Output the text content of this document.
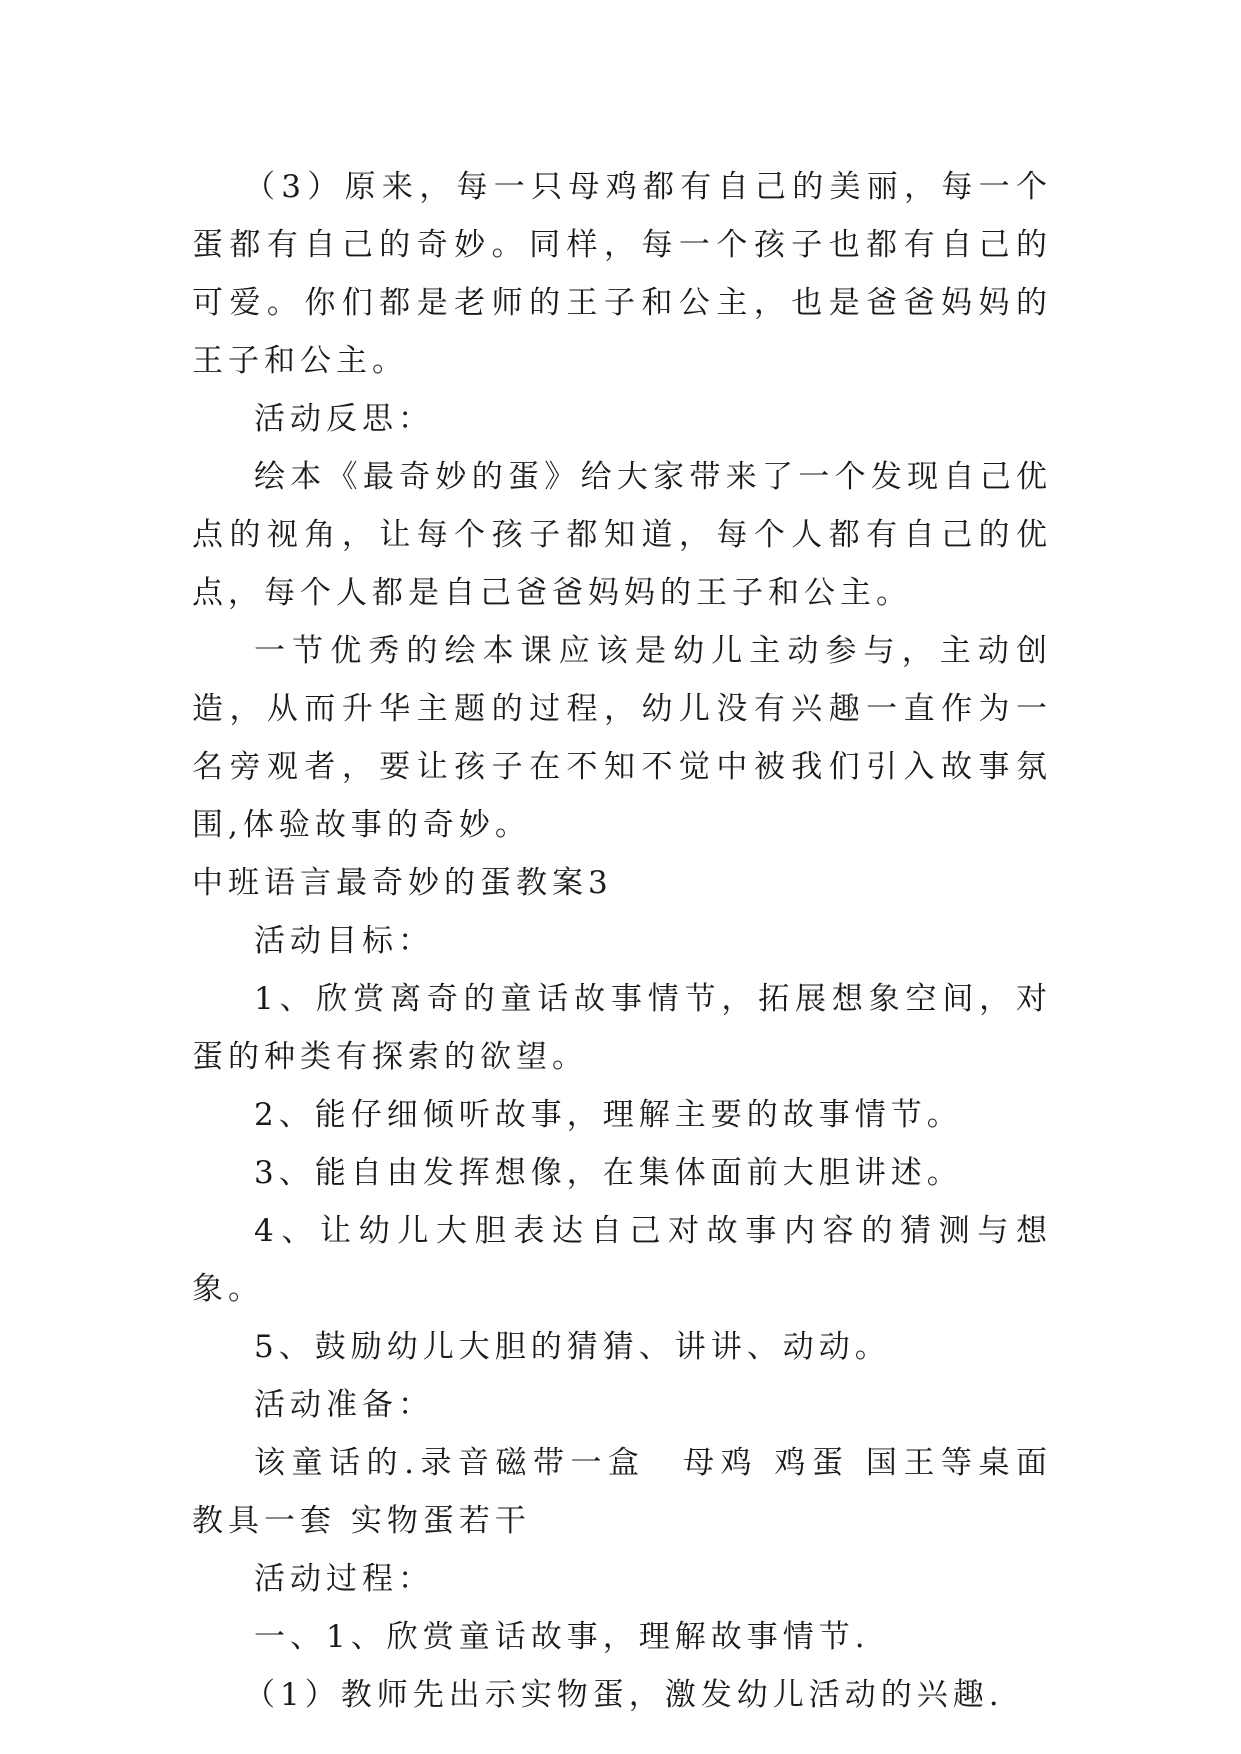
（3）原来，每一只母鸡都有自己的美丽，每一个蛋都有自己的奇妙。同样，每一个孩子也都有自己的可爱。你们都是老师的王子和公主，也是爸爸妈妈的王子和公主。

活动反思：

绘本《最奇妙的蛋》给大家带来了一个发现自己优点的视角，让每个孩子都知道，每个人都有自己的优点，每个人都是自己爸爸妈妈的王子和公主。

一节优秀的绘本课应该是幼儿主动参与，主动创造，从而升华主题的过程，幼儿没有兴趣一直作为一名旁观者，要让孩子在不知不觉中被我们引入故事氛围,体验故事的奇妙。

中班语言最奇妙的蛋教案3

活动目标：

1、欣赏离奇的童话故事情节，拓展想象空间，对蛋的种类有探索的欲望。

2、能仔细倾听故事，理解主要的故事情节。

3、能自由发挥想像，在集体面前大胆讲述。

4、让幼儿大胆表达自己对故事内容的猜测与想象。

5、鼓励幼儿大胆的猜猜、讲讲、动动。

活动准备：

该童话的.录音磁带一盒　母鸡 鸡蛋 国王等桌面教具一套 实物蛋若干

活动过程：

一、1、欣赏童话故事，理解故事情节.

（1）教师先出示实物蛋，激发幼儿活动的兴趣.
